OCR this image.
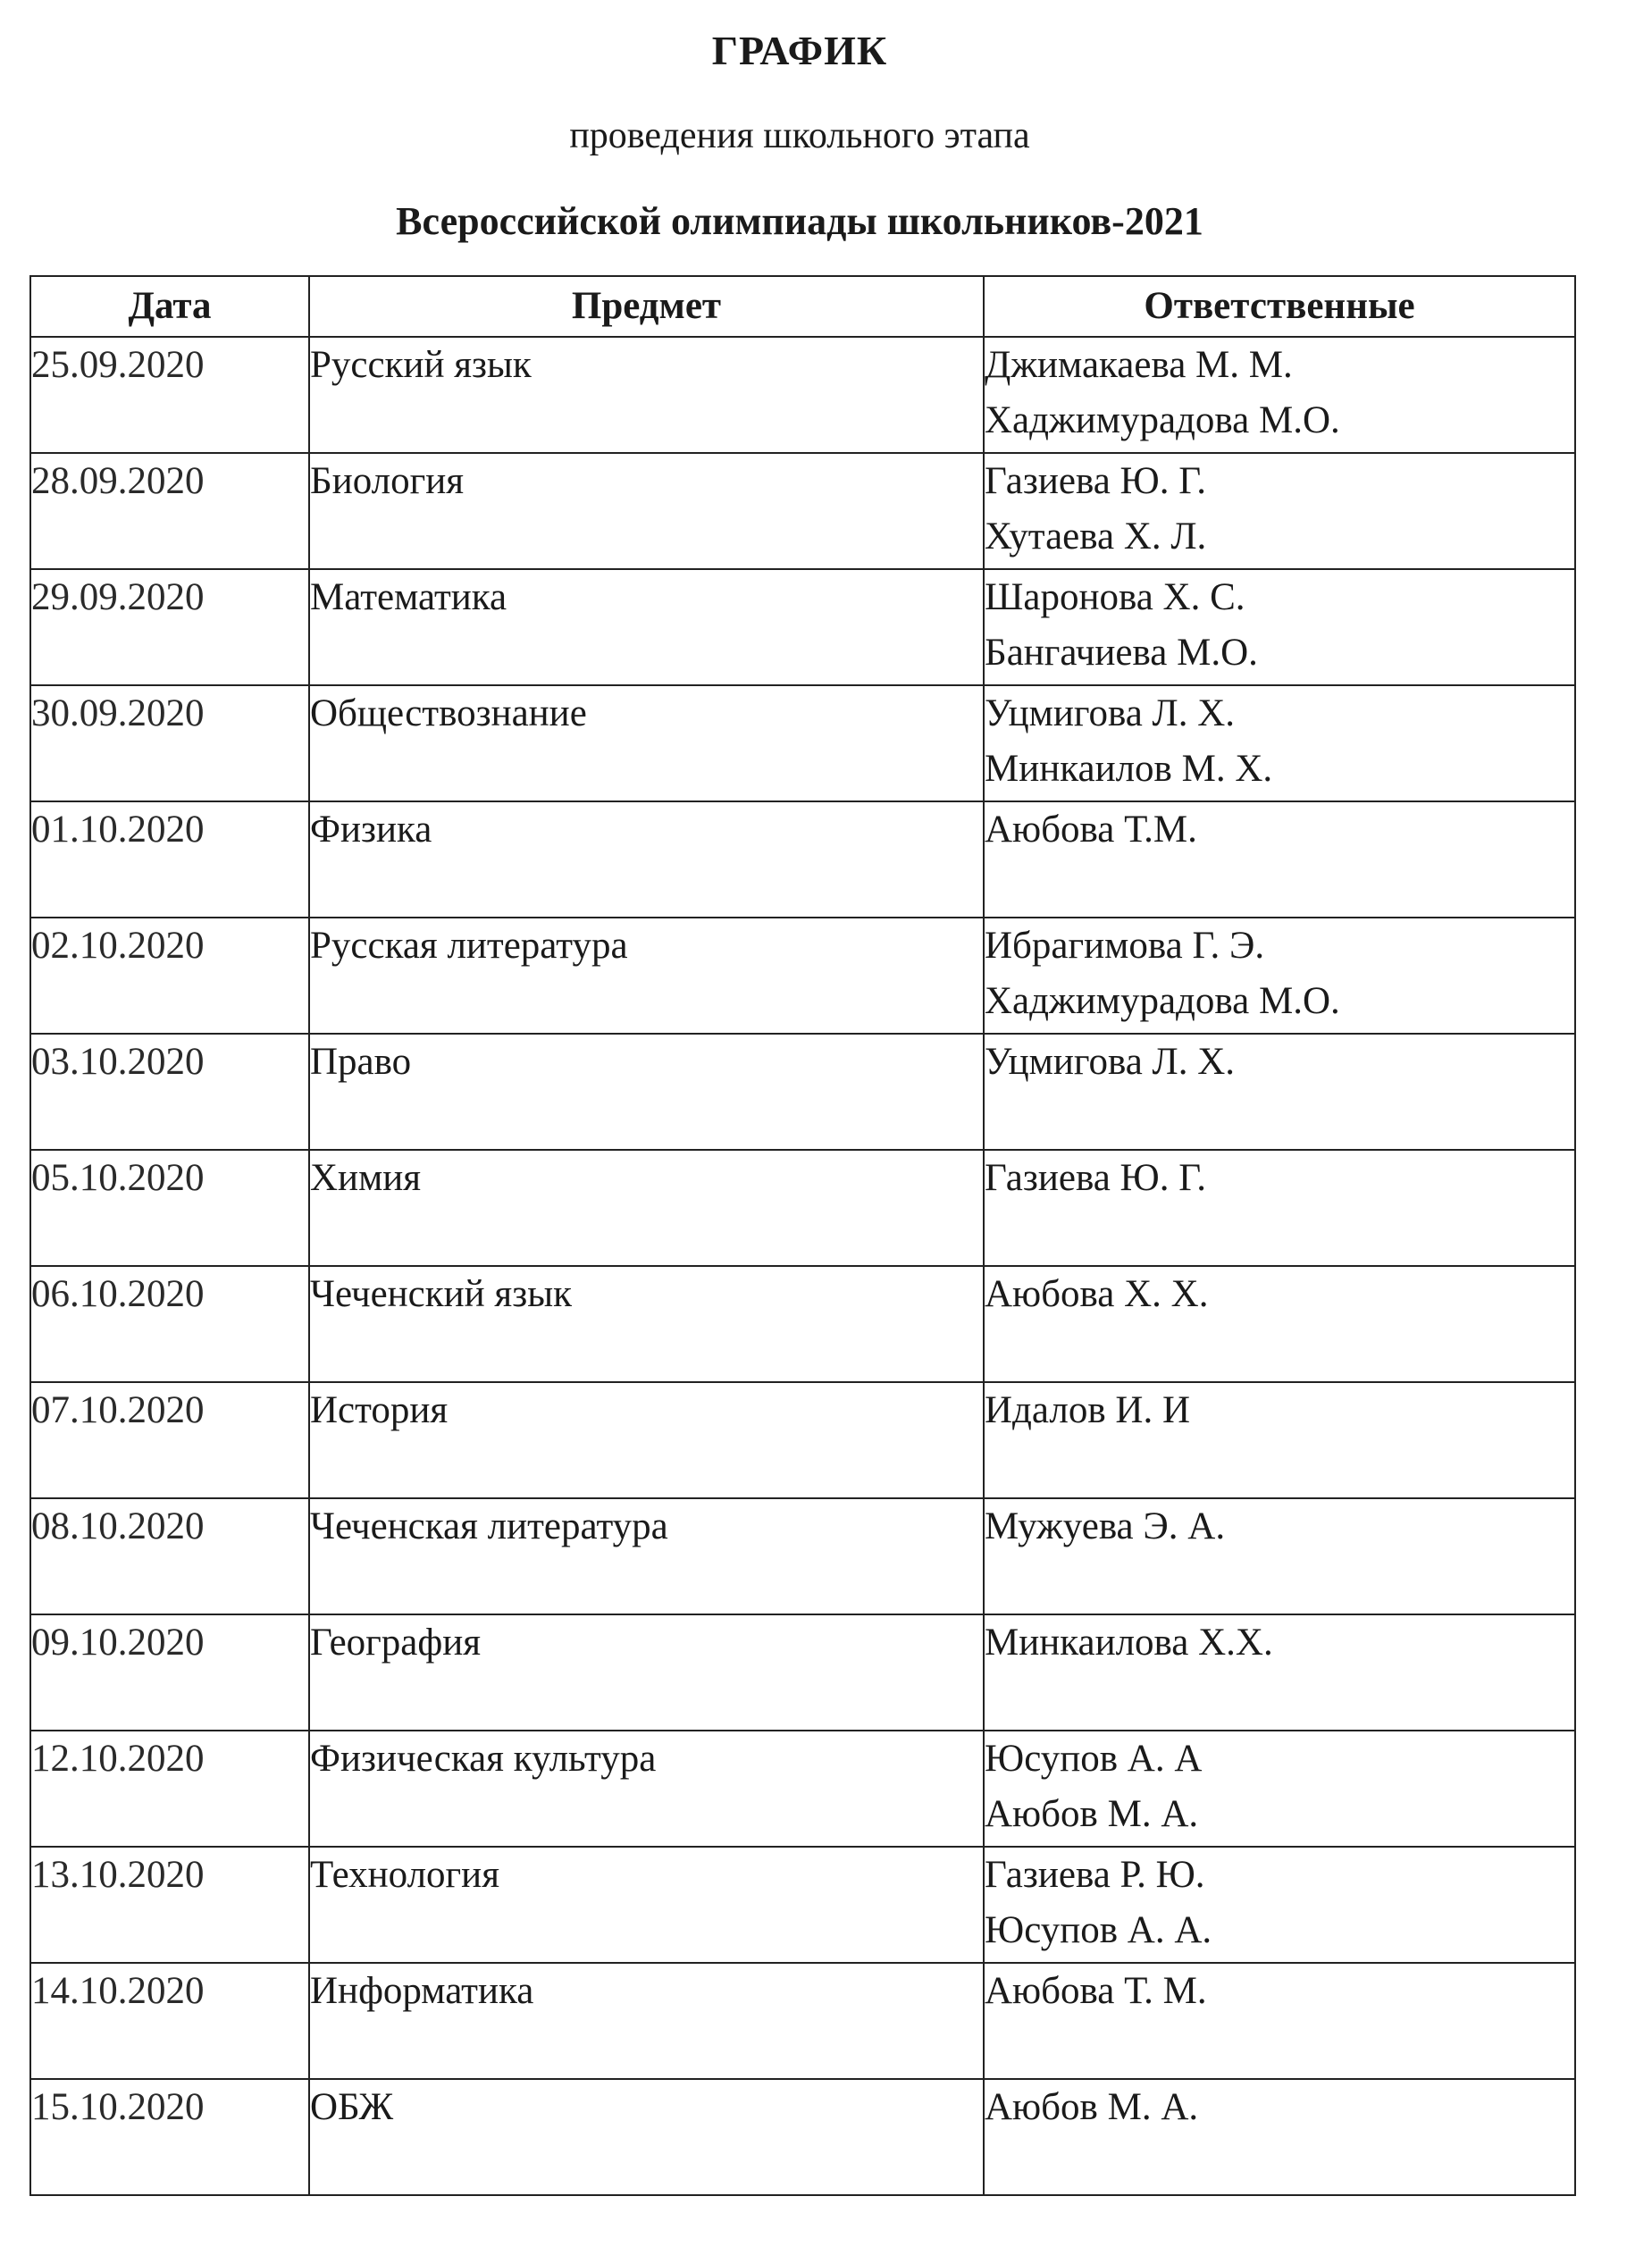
ГРАФИК
проведения школьного этапа
Всероссийской олимпиады школьников-2021
Дата	Предмет	Ответственные
25.09.2020	Русский язык	Джимакаева М. М.
Хаджимурадова М.О.

28.09.2020	Биология	Газиева Ю. Г.
Хутаева Х. Л.

29.09.2020	Математика	Шаронова Х. С.
Бангачиева М.О.

30.09.2020	Обществознание	Уцмигова Л. Х.
Минкаилов М. Х.

01.10.2020	Физика	Аюбова Т.М.

02.10.2020	Русская литература	Ибрагимова Г. Э.
Хаджимурадова М.О.

03.10.2020	Право	Уцмигова Л. Х.

05.10.2020	Химия	Газиева Ю. Г.

06.10.2020	Чеченский язык	Аюбова Х. Х.

07.10.2020	История	Идалов И. И

08.10.2020	Чеченская литература	Мужуева Э. А.

09.10.2020	География	Минкаилова Х.Х.

12.10.2020	Физическая культура	Юсупов А. А
Аюбов М. А.

13.10.2020	Технология	Газиева Р. Ю.
Юсупов А. А.

14.10.2020	Информатика	Аюбова Т. М.

15.10.2020	ОБЖ	Аюбов М. А.
